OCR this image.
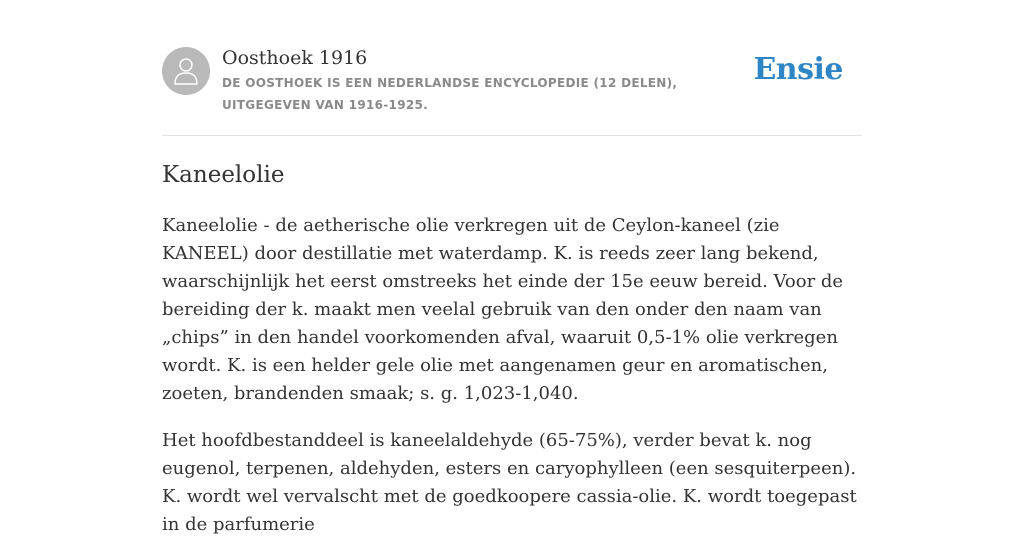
Oosthoek 1916
DE OOSTHOEK IS EEN NEDERLANDSE ENCYCLOPEDIE (12 DELEN), UITGEGEVEN VAN 1916-1925.
Ensie
Kaneelolie

Kaneelolie - de aetherische olie verkregen uit de Ceylon-kaneel (zie KANEEL) door destillatie met waterdamp. K. is reeds zeer lang bekend, waarschijnlijk het eerst omstreeks het einde der 15e eeuw bereid. Voor de bereiding der k. maakt men veelal gebruik van den onder den naam van „chips” in den handel voorkomenden afval, waaruit 0,5-1% olie verkregen wordt. K. is een helder gele olie met aangenamen geur en aromatischen, zoeten, brandenden smaak; s. g. 1,023-1,040.

Het hoofdbestanddeel is kaneelaldehyde (65-75%), verder bevat k. nog eugenol, terpenen, aldehyden, esters en caryophylleen (een sesquiterpeen). K. wordt wel vervalscht met de goedkoopere cassia-olie. K. wordt toegepast in de parfumerie
